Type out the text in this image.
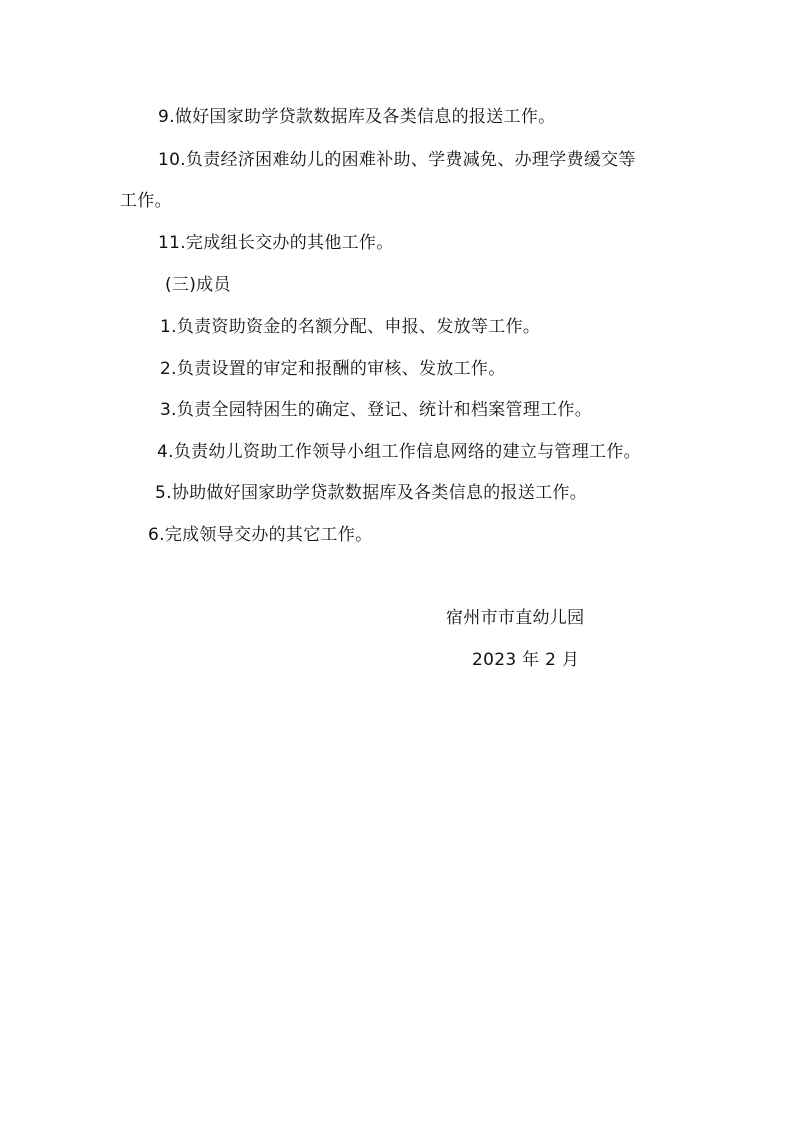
9.做好国家助学贷款数据库及各类信息的报送工作。
10.负责经济困难幼儿的困难补助、学费减免、办理学费缓交等
工作。
11.完成组长交办的其他工作。
(三)成员
1.负责资助资金的名额分配、申报、发放等工作。
2.负责设置的审定和报酬的审核、发放工作。
3.负责全园特困生的确定、登记、统计和档案管理工作。
4.负责幼儿资助工作领导小组工作信息网络的建立与管理工作。
5.协助做好国家助学贷款数据库及各类信息的报送工作。
6.完成领导交办的其它工作。
宿州市市直幼儿园
2023 年 2 月
